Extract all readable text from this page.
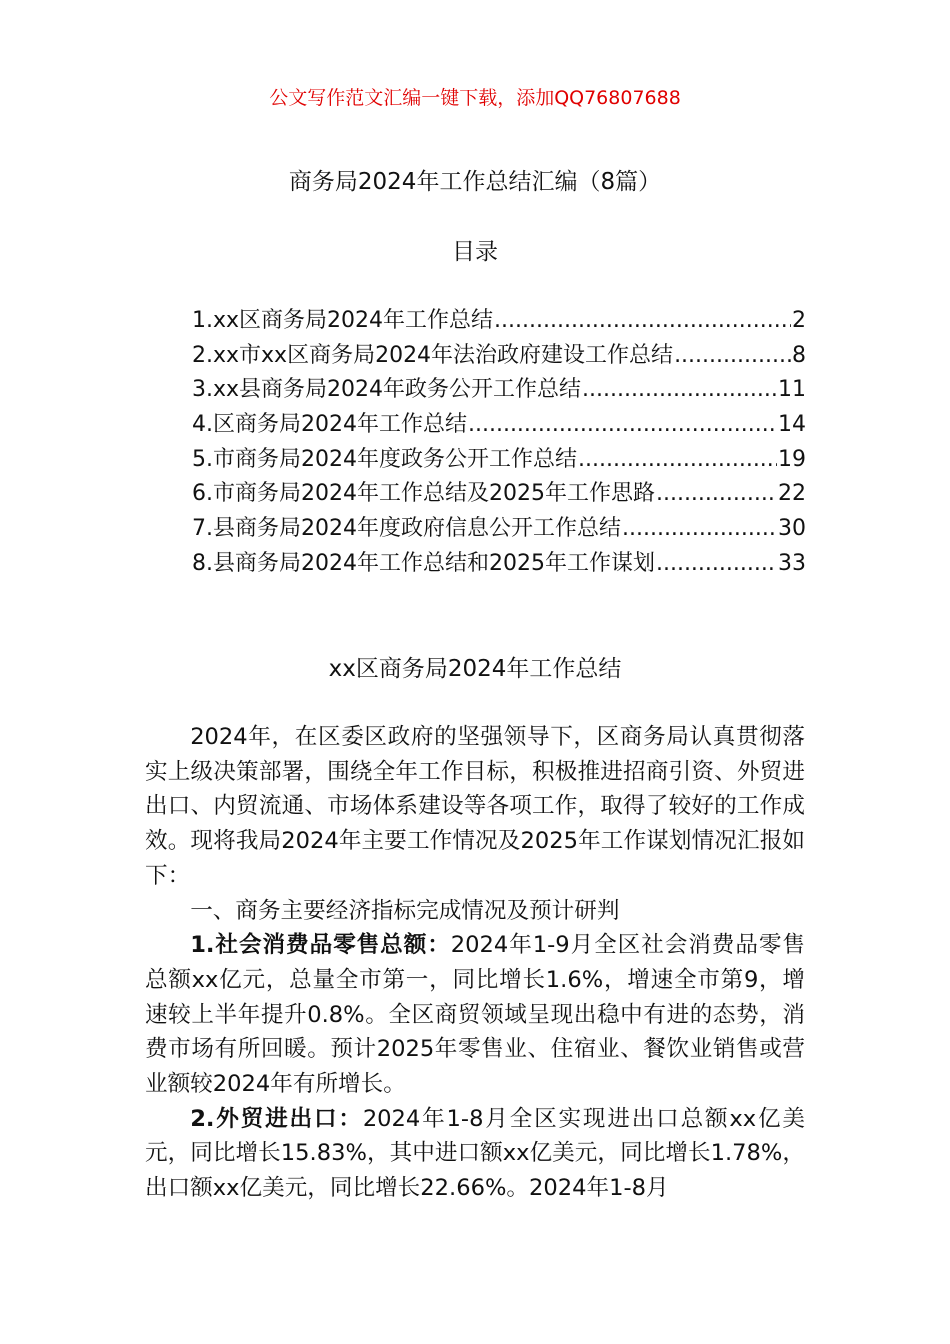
公文写作范文汇编一键下载，添加QQ76807688
商务局2024年工作总结汇编（8篇）
目录
1.xx区商务局2024年工作总结 .....	2
2.xx市xx区商务局2024年法治政府建设工作总结 .....	8
3.xx县商务局2024年政务公开工作总结 .....	11
4.区商务局2024年工作总结 .....	14
5.市商务局2024年度政务公开工作总结 .....	19
6.市商务局2024年工作总结及2025年工作思路 .....	22
7.县商务局2024年度政府信息公开工作总结 .....	30
8.县商务局2024年工作总结和2025年工作谋划 .....	33
xx区商务局2024年工作总结

2024年，在区委区政府的坚强领导下，区商务局认真贯彻落实上级决策部署，围绕全年工作目标，积极推进招商引资、外贸进出口、内贸流通、市场体系建设等各项工作，取得了较好的工作成效。现将我局2024年主要工作情况及2025年工作谋划情况汇报如下：

一、商务主要经济指标完成情况及预计研判

1.社会消费品零售总额：2024年1-9月全区社会消费品零售总额xx亿元，总量全市第一，同比增长1.6%，增速全市第9，增速较上半年提升0.8%。全区商贸领域呈现出稳中有进的态势，消费市场有所回暖。预计2025年零售业、住宿业、餐饮业销售或营业额较2024年有所增长。

2.外贸进出口：2024年1-8月全区实现进出口总额xx亿美元，同比增长15.83%，其中进口额xx亿美元，同比增长1.78%，出口额xx亿美元，同比增长22.66%。2024年1-8月
